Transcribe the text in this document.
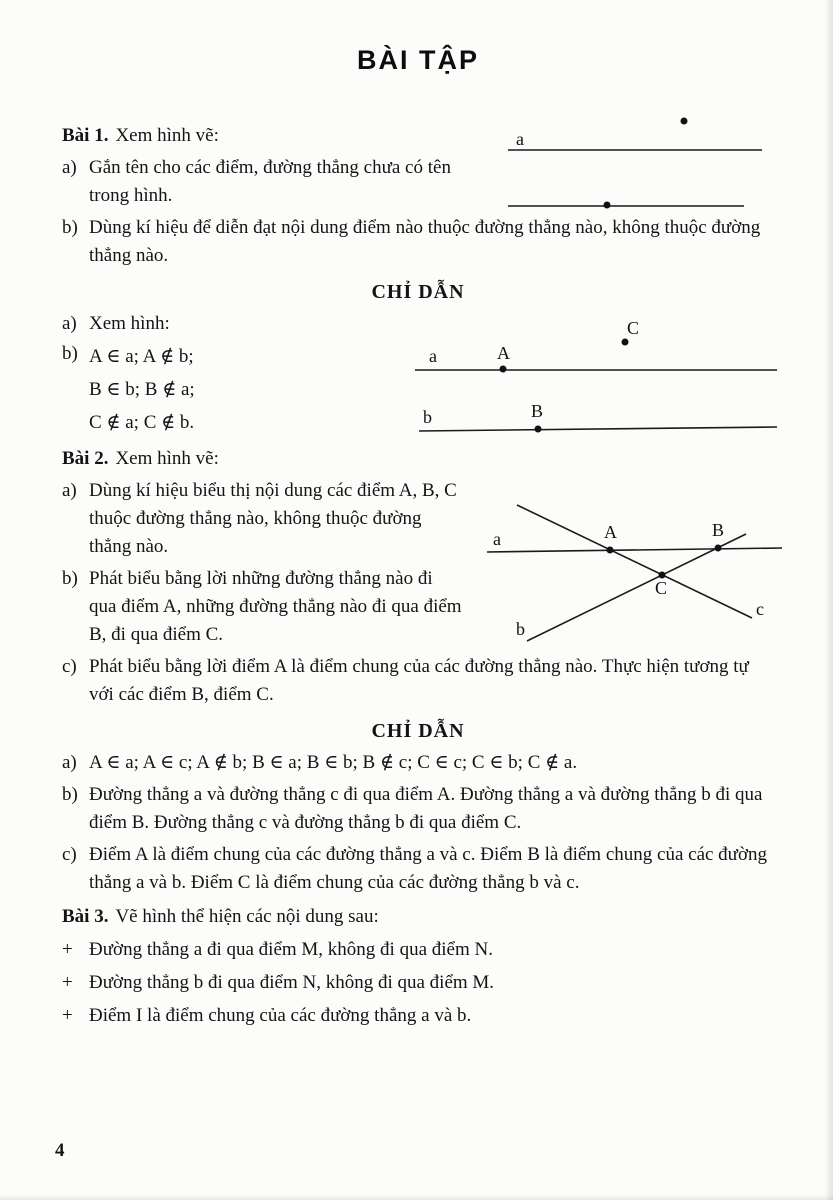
BÀI TẬP
Bài 1. Xem hình vẽ:
a) Gắn tên cho các điểm, đường thẳng chưa có tên trong hình.
b) Dùng kí hiệu để diễn đạt nội dung điểm nào thuộc đường thẳng nào, không thuộc đường thẳng nào.
CHỈ DẪN
a) Xem hình:
b) A ∈ a; A ∉ b;
B ∈ b; B ∉ a;
C ∉ a; C ∉ b.
Bài 2. Xem hình vẽ:
a) Dùng kí hiệu biểu thị nội dung các điểm A, B, C thuộc đường thẳng nào, không thuộc đường thẳng nào.
b) Phát biểu bằng lời những đường thẳng nào đi qua điểm A, những đường thẳng nào đi qua điểm B, đi qua điểm C.
c) Phát biểu bằng lời điểm A là điểm chung của các đường thẳng nào. Thực hiện tương tự với các điểm B, điểm C.
CHỈ DẪN
a) A ∈ a; A ∈ c; A ∉ b; B ∈ a; B ∈ b; B ∉ c; C ∈ c; C ∈ b; C ∉ a.
b) Đường thẳng a và đường thẳng c đi qua điểm A. Đường thẳng a và đường thẳng b đi qua điểm B. Đường thẳng c và đường thẳng b đi qua điểm C.
c) Điểm A là điểm chung của các đường thẳng a và c. Điểm B là điểm chung của các đường thẳng a và b. Điểm C là điểm chung của các đường thẳng b và c.
Bài 3. Vẽ hình thể hiện các nội dung sau:
+ Đường thẳng a đi qua điểm M, không đi qua điểm N.
+ Đường thẳng b đi qua điểm N, không đi qua điểm M.
+ Điểm I là điểm chung của các đường thẳng a và b.
a
C
a	A
b	B
a	A	B
C
b
c
4
